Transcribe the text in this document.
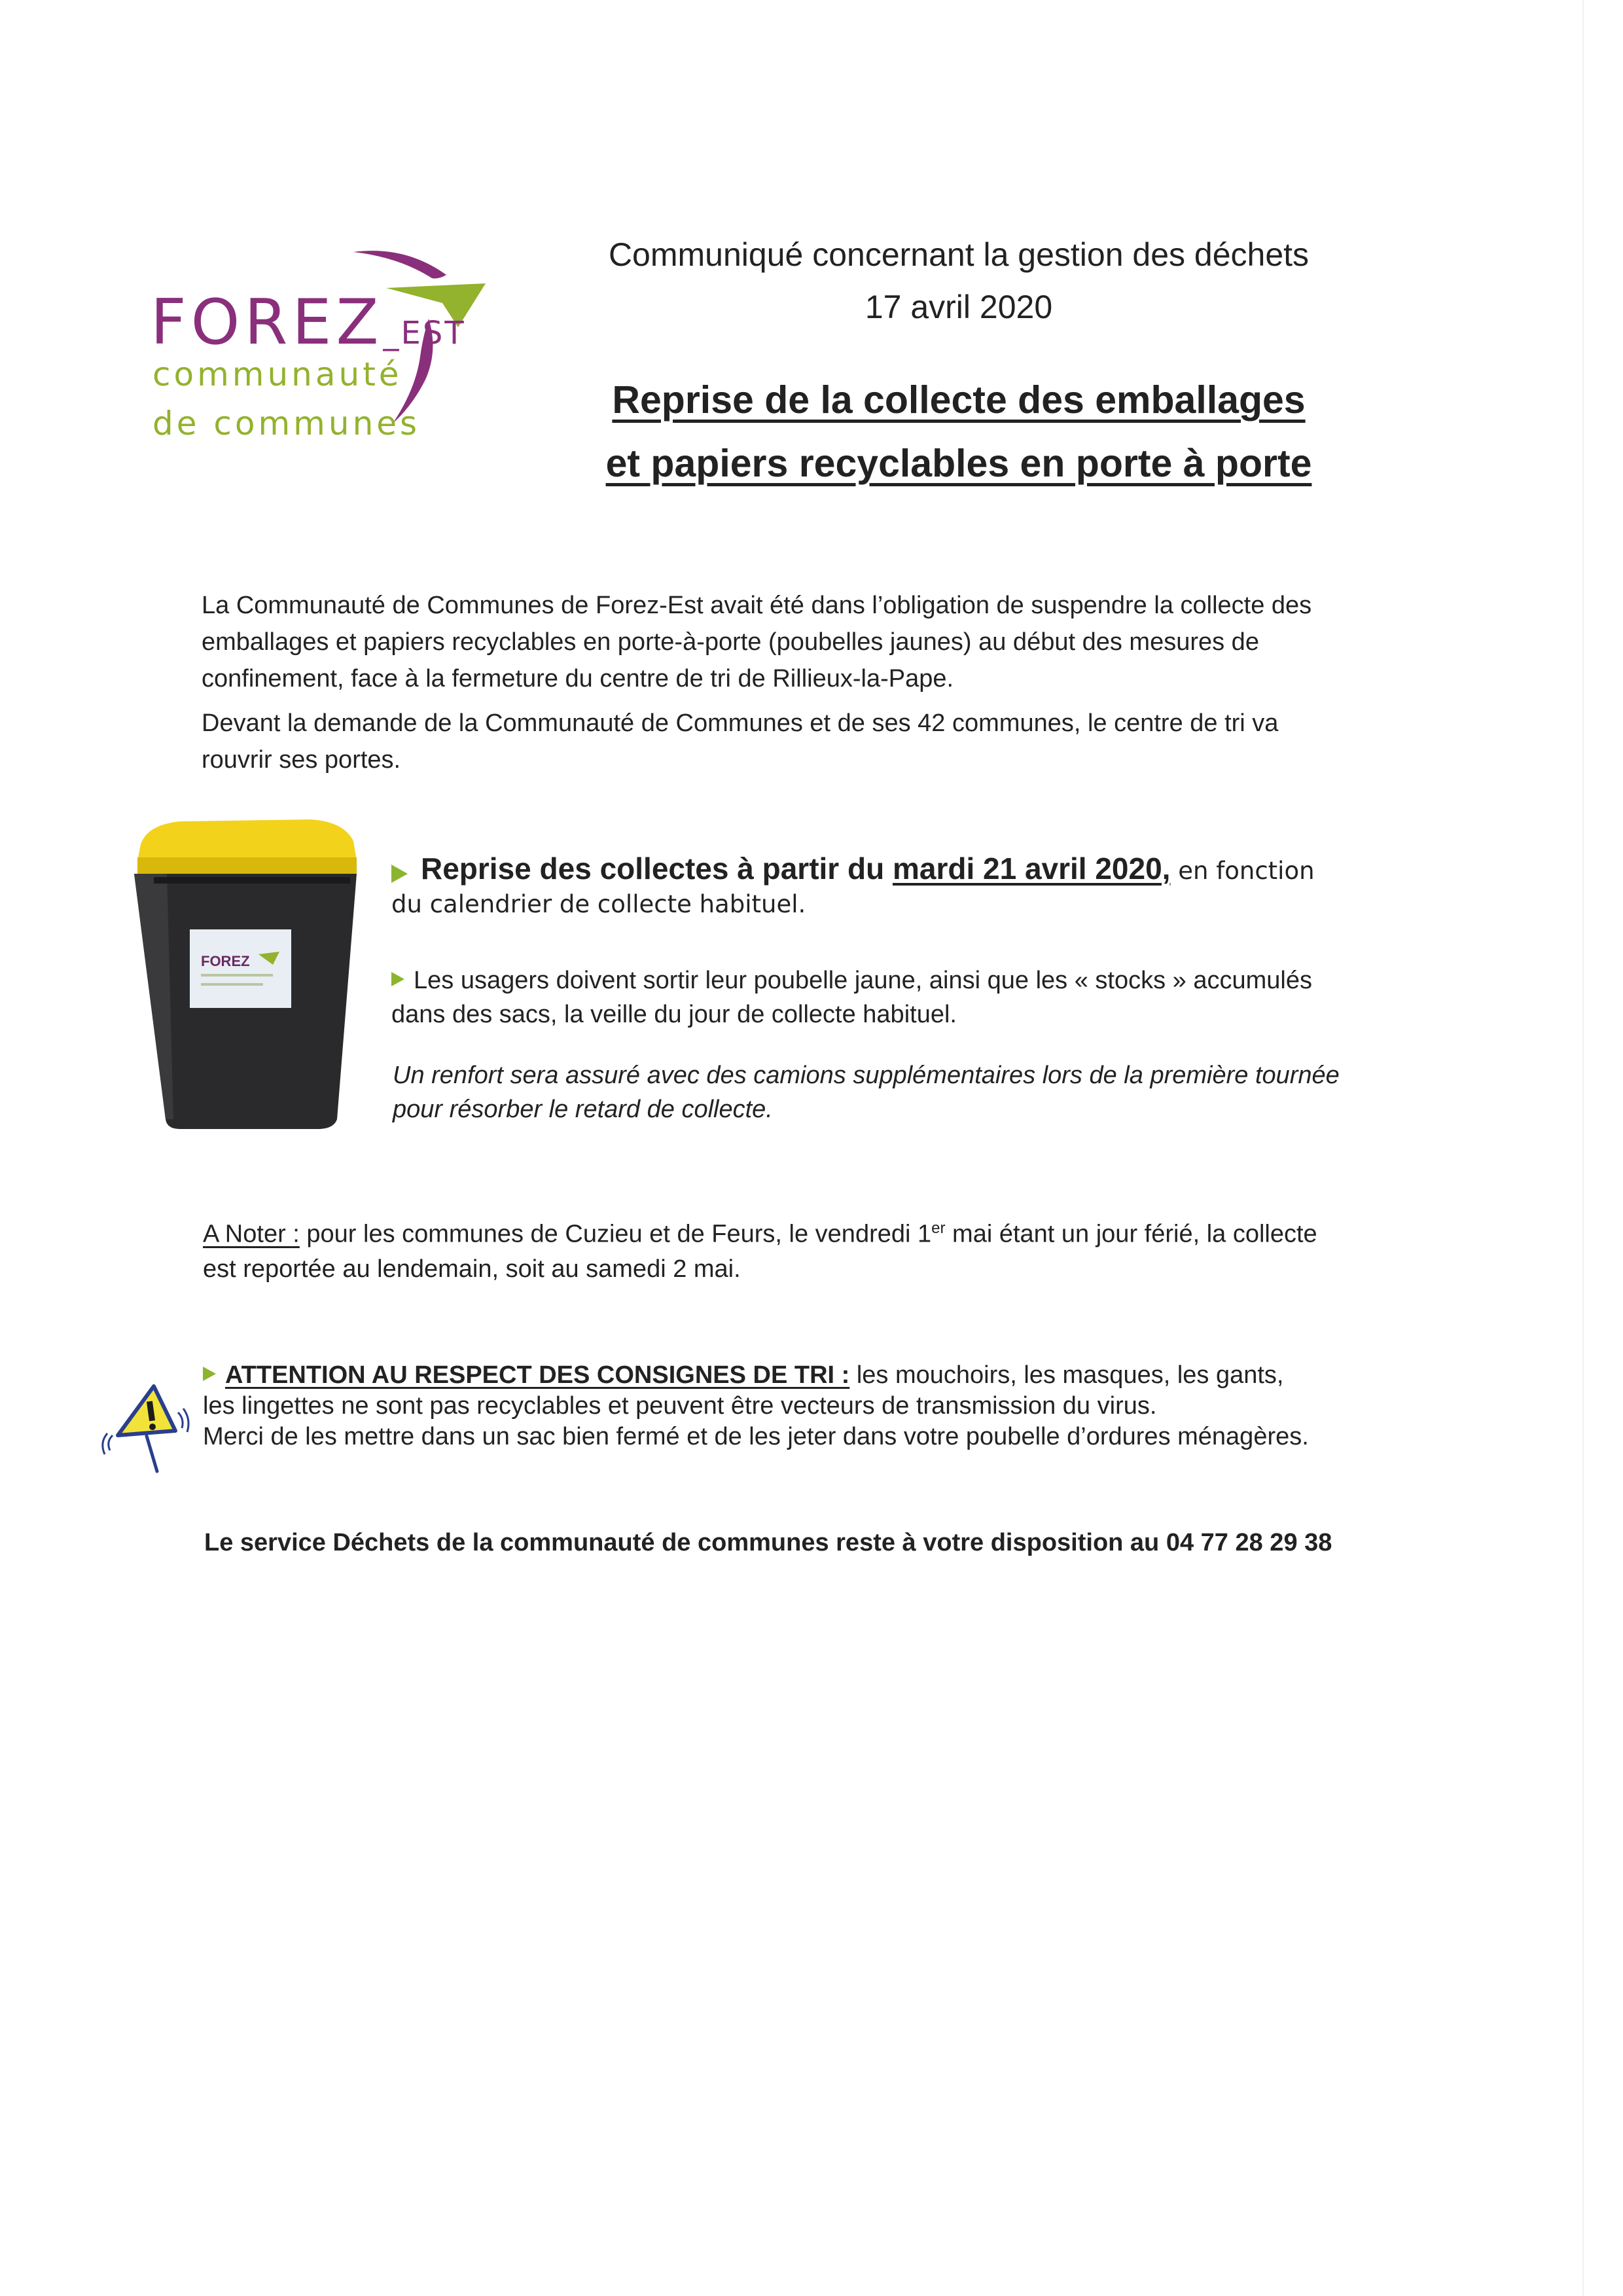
FOREZ_EST
communauté
de communes
Communiqué concernant la gestion des déchets
17 avril 2020
Reprise de la collecte des emballages
et papiers recyclables en porte à porte

La Communauté de Communes de Forez-Est avait été dans l’obligation de suspendre la collecte des

emballages et papiers recyclables en porte-à-porte (poubelles jaunes) au début des mesures de

confinement, face à la fermeture du centre de tri de Rillieux-la-Pape.

Devant la demande de la Communauté de Communes et de ses 42 communes, le centre de tri va

rouvrir ses portes.

FOREZ
Reprise des collectes à partir du mardi 21 avril 2020, en fonction
du calendrier de collecte habituel.

Les usagers doivent sortir leur poubelle jaune, ainsi que les « stocks » accumulés

dans des sacs, la veille du jour de collecte habituel.

Un renfort sera assuré avec des camions supplémentaires lors de la première tournée

pour résorber le retard de collecte.

A Noter : pour les communes de Cuzieu et de Feurs, le vendredi 1er mai étant un jour férié, la collecte

est reportée au lendemain, soit au samedi 2 mai.

ATTENTION AU RESPECT DES CONSIGNES DE TRI : les mouchoirs, les masques, les gants,

les lingettes ne sont pas recyclables et peuvent être vecteurs de transmission du virus.

Merci de les mettre dans un sac bien fermé et de les jeter dans votre poubelle d’ordures ménagères.

Le service Déchets de la communauté de communes reste à votre disposition au 04 77 28 29 38
